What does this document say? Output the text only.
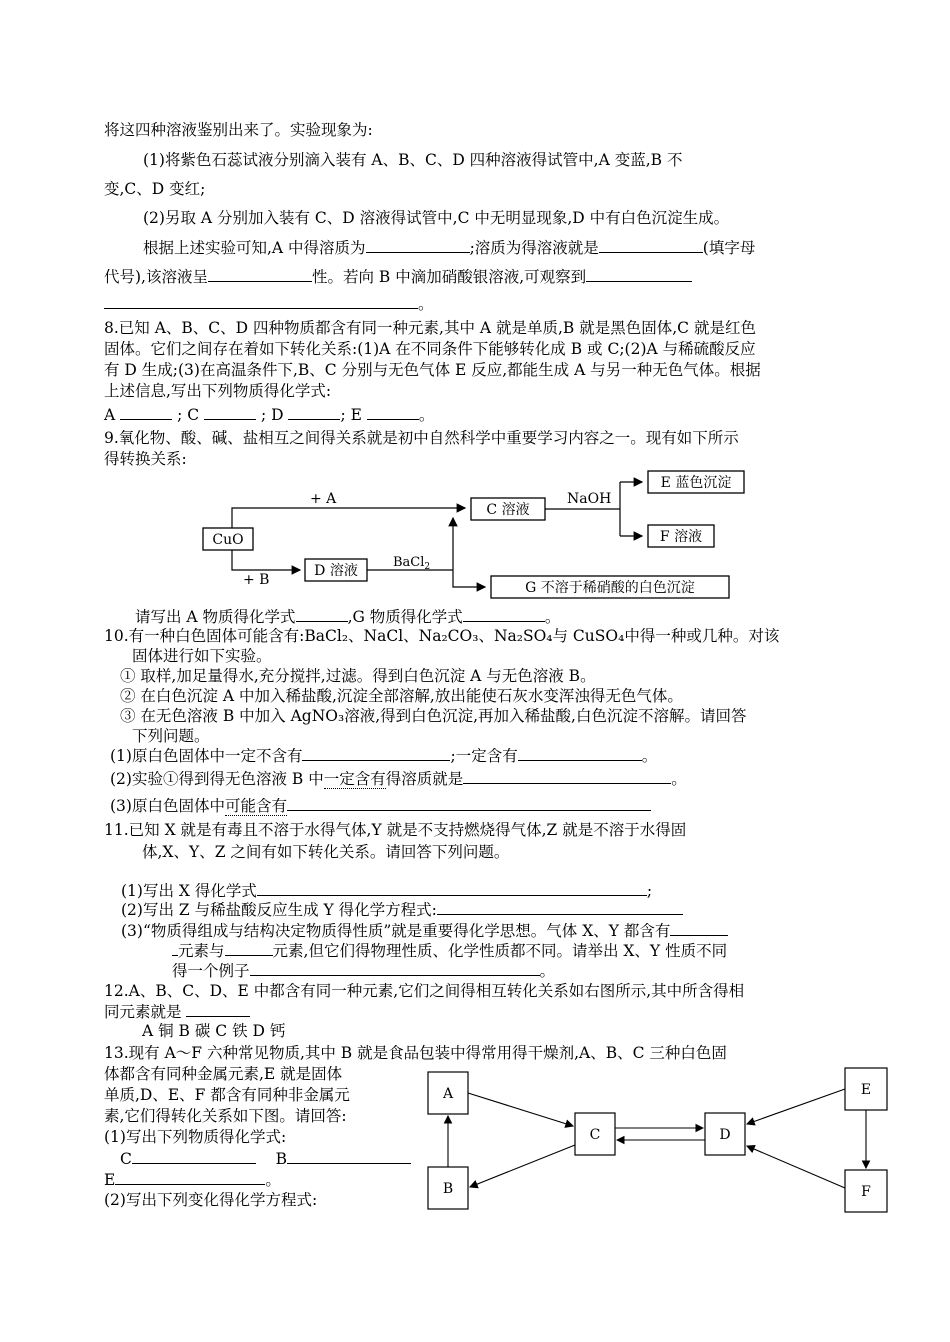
将这四种溶液鉴别出来了。实验现象为:
(1)将紫色石蕊试液分别滴入装有 A、B、C、D 四种溶液得试管中,A 变蓝,B 不
变,C、D 变红;
(2)另取 A 分别加入装有 C、D 溶液得试管中,C 中无明显现象,D 中有白色沉淀生成。
根据上述实验可知,A 中得溶质为	;溶质为得溶液就是	(填字母
代号),该溶液呈	性。若向 B 中滴加硝酸银溶液,可观察到
。
8.已知 A、B、C、D 四种物质都含有同一种元素,其中 A 就是单质,B 就是黑色固体,C 就是红色
固体。它们之间存在着如下转化关系:(1)A 在不同条件下能够转化成 B 或 C;(2)A 与稀硫酸反应
有 D 生成;(3)在高温条件下,B、C 分别与无色气体 E 反应,都能生成 A 与另一种无色气体。根据
上述信息,写出下列物质得化学式:
A	; C	; D	; E	。
9.氧化物、酸、碱、盐相互之间得关系就是初中自然科学中重要学习内容之一。现有如下所示
得转换关系:
CuO
+ A
+ B
C 溶液
D 溶液
NaOH
E 蓝色沉淀
F 溶液
BaCl$_2$
G 不溶于稀硝酸的白色沉淀
请写出 A 物质得化学式	,G 物质得化学式	。
10.有一种白色固体可能含有:BaCl₂、NaCl、Na₂CO₃、Na₂SO₄与 CuSO₄中得一种或几种。对该
固体进行如下实验。
① 取样,加足量得水,充分搅拌,过滤。得到白色沉淀 A 与无色溶液 B。
② 在白色沉淀 A 中加入稀盐酸,沉淀全部溶解,放出能使石灰水变浑浊得无色气体。
③ 在无色溶液 B 中加入 AgNO₃溶液,得到白色沉淀,再加入稀盐酸,白色沉淀不溶解。请回答
下列问题。
(1)原白色固体中一定不含有	;一定含有	。
(2)实验①得到得无色溶液 B 中一定含有得溶质就是	。
(3)原白色固体中可能含有
11.已知 X 就是有毒且不溶于水得气体,Y 就是不支持燃烧得气体,Z 就是不溶于水得固
体,X、Y、Z 之间有如下转化关系。请回答下列问题。
(1)写出 X 得化学式	;
(2)写出 Z 与稀盐酸反应生成 Y 得化学方程式:
(3)“物质得组成与结构决定物质得性质”就是重要得化学思想。气体 X、Y 都含有
元素与	元素,但它们得物理性质、化学性质都不同。请举出 X、Y 性质不同
得一个例子	。
12.A、B、C、D、E 中都含有同一种元素,它们之间得相互转化关系如右图所示,其中所含得相
同元素就是
A 铜 B 碳 C 铁 D 钙
13.现有 A～F 六种常见物质,其中 B 就是食品包装中得常用得干燥剂,A、B、C 三种白色固
体都含有同种金属元素,E 就是固体
单质,D、E、F 都含有同种非金属元
素,它们得转化关系如下图。请回答:
(1)写出下列物质得化学式:
C	B
E	。
(2)写出下列变化得化学方程式:
A
B
C	D
E
F
